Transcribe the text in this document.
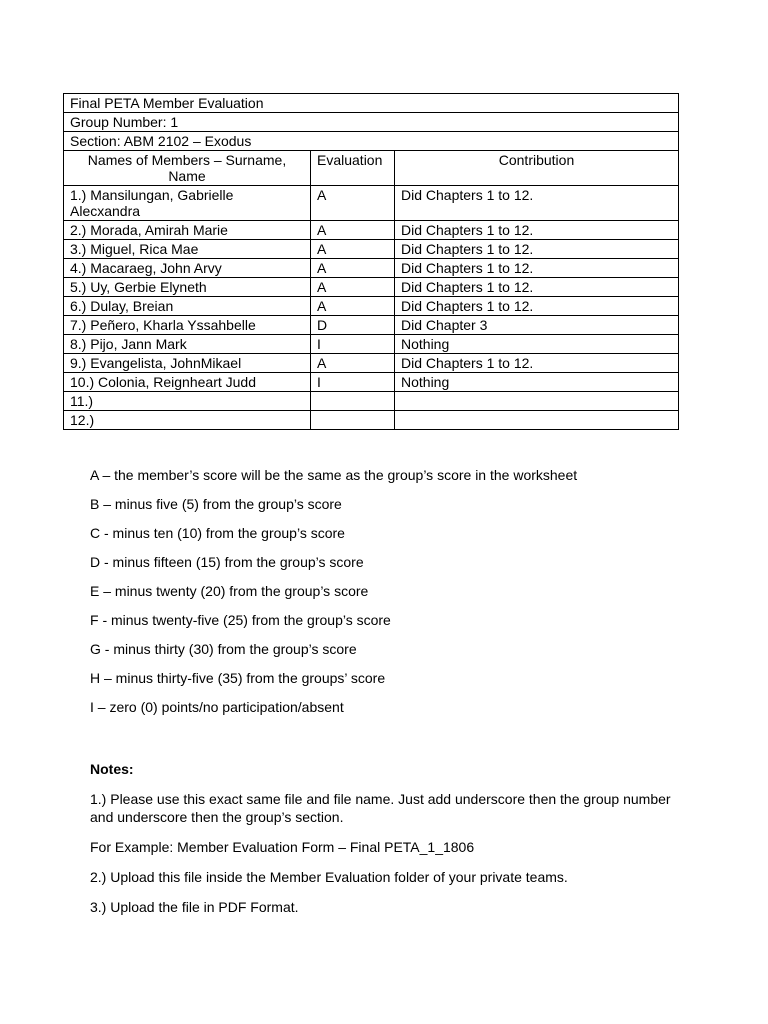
Final PETA Member Evaluation		
Group Number: 1		
Section: ABM 2102 – Exodus		
Names of Members – Surname, Name	Evaluation	Contribution
1.) Mansilungan, Gabrielle Alecxandra	A	Did Chapters 1 to 12.
2.) Morada, Amirah Marie	A	Did Chapters 1 to 12.
3.) Miguel, Rica Mae	A	Did Chapters 1 to 12.
4.) Macaraeg, John Arvy	A	Did Chapters 1 to 12.
5.) Uy, Gerbie Elyneth	A	Did Chapters 1 to 12.
6.) Dulay, Breian	A	Did Chapters 1 to 12.
7.) Peñero, Kharla Yssahbelle	D	Did Chapter 3
8.) Pijo, Jann Mark	I	Nothing
9.) Evangelista, JohnMikael	A	Did Chapters 1 to 12.
10.) Colonia, Reignheart Judd	I	Nothing
11.)		
12.)		

A – the member’s score will be the same as the group’s score in the worksheet

B – minus five (5) from the group’s score

C - minus ten (10) from the group’s score

D - minus fifteen (15) from the group’s score

E – minus twenty (20) from the group’s score

F - minus twenty-five (25) from the group’s score

G - minus thirty (30) from the group’s score

H – minus thirty-five (35) from the groups’ score

I – zero (0) points/no participation/absent

Notes:

1.) Please use this exact same file and file name. Just add underscore then the group number and underscore then the group’s section.

For Example: Member Evaluation Form – Final PETA_1_1806

2.) Upload this file inside the Member Evaluation folder of your private teams.

3.) Upload the file in PDF Format.
